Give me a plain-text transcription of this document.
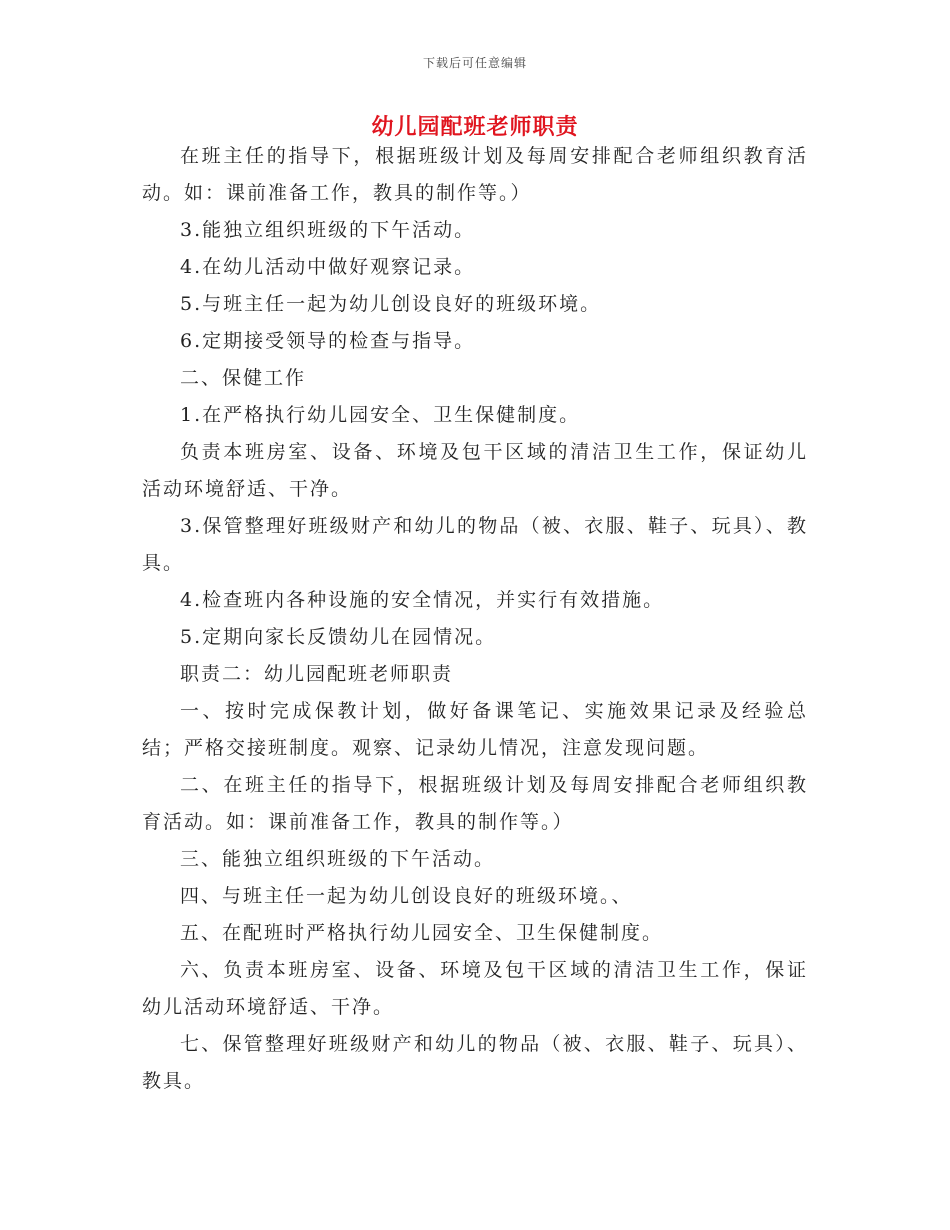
下载后可任意编辑
幼儿园配班老师职责

在班主任的指导下，根据班级计划及每周安排配合老师组织教育活动。如：课前准备工作，教具的制作等。）

3.能独立组织班级的下午活动。

4.在幼儿活动中做好观察记录。

5.与班主任一起为幼儿创设良好的班级环境。

6.定期接受领导的检查与指导。

二、保健工作

1.在严格执行幼儿园安全、卫生保健制度。

负责本班房室、设备、环境及包干区域的清洁卫生工作，保证幼儿活动环境舒适、干净。

3.保管整理好班级财产和幼儿的物品（被、衣服、鞋子、玩具）、教具。

4.检查班内各种设施的安全情况，并实行有效措施。

5.定期向家长反馈幼儿在园情况。

职责二：幼儿园配班老师职责

一、按时完成保教计划，做好备课笔记、实施效果记录及经验总结；严格交接班制度。观察、记录幼儿情况，注意发现问题。

二、在班主任的指导下，根据班级计划及每周安排配合老师组织教育活动。如：课前准备工作，教具的制作等。）

三、能独立组织班级的下午活动。

四、与班主任一起为幼儿创设良好的班级环境。、

五、在配班时严格执行幼儿园安全、卫生保健制度。

六、负责本班房室、设备、环境及包干区域的清洁卫生工作，保证幼儿活动环境舒适、干净。

七、保管整理好班级财产和幼儿的物品（被、衣服、鞋子、玩具）、教具。
